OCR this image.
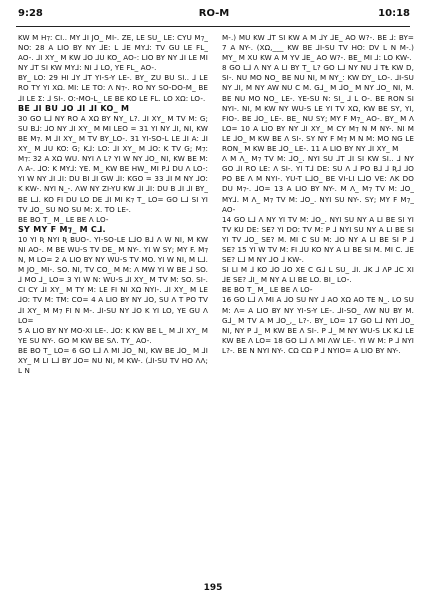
9:28	RO-M	10:18

KW M H⁊: CI.. MY ⅃I JO_ MI-. ZE, LE SU_ LE: CYU M⁊_ NO: 28 A LIO BY NY ⅃E: L ⅃E MY⅃: TV GU LE FL_ AO-. ⅃I XY_ M KW ⅃O ⅃U KO_ AO-: LIO BY NY ⅃I LE MI NY ⅃T SI KW MY⅃: NI ⅃ LO, YE FL_ AO-.

BY_ LO: 29 HI ⅃Y ⅃T YI-S-Y LE-. BY_ ZU BU SI.. ⅃ LE RO TY YI XΩ. MI: LE TO: Λ N⁊-. RO NY SO-DO-M_ BE ⅃I LE Σ: ⅃ SI-. O:-MO-L_ LE BE KO LE FL. LO XΩ: LO-.

BE ⅃I BU ⅃O ⅃I ⅃I KO_ M

30 GO L⅃ NY RO A XΩ BY NY_ L?. ⅃I XY_ M TV M: G; SU B⅃: ⅃O NY ⅃I XY_ M MI LEO = 31 YI NY ⅃I, NI, KW BE M⁊. M ⅃I XY_ M TV BY_LO-. 31 YI-SO-L LE ⅃I A: ⅃I XY_ M ⅃U KO: G; K⅃: LO: ⅃I XY_ M ⅃O: K TV G; M⁊: M⁊: 32 A XΩ WU. NYI Λ L? YI W NY ⅃O_ NI, KW BE M: Λ A-. ⅃O: K MY⅃: YE. M_ KW BE HW_ MI P⅃ DU Λ LO-: YI W NY ⅃I ⅃I: DU BI ⅃I GW ⅃I: KGO = 33 ⅃I M NY ⅃O: K KW-. NYI N_-. ΛW NY ZI-YU KW ⅃I ⅃I: DU B ⅃I ⅃I BY_ BE L⅃. KO FI DU LO DE ⅃I MI K⁊ T_ LO= GO L⅃ SI YI TV ⅃O_ SU NO SU M: X. TO LE-.

BE BO T_ M_ LE BE Λ LO-

SY MY F M⁊_ M C⅃.

10 YI Ʀ NYI Ʀ BUO-. YI-SO-LE L⅃O B⅃ Λ W NI, M KW NI AO-. M BE WU-S TV DE_ M NY-. YI W SY; MY F. M⁊ N, M LO= 2 A LIO BY NY WU-S TV MO. YI W NI, M L⅃. M JO_ MI-. SO. NI, TV CO_ M M: Λ MW YI W BE ⅃ SO. ⅃ MO ⅃_ LO= 3 YI W N: WU-S ⅃I XY_ M TV M: SO. SI-. CI CY ⅃I XY_ M TY M: LE FI NI XΩ NYI-. ⅃I XY_ M LE ⅃O: TV M: TM: CO= 4 A LIO BY NY ⅃O, SU Λ T PO TV ⅃I XY_ M M⁊ FI N M-. ⅃I-SU NY ⅃O K YI LO, YE GU Λ LO=

5 A LIO BY NY MO-XI LE-. ⅃O: K KW BE L_ M ⅃I XY_ M YE SU NY-. GO M KW BE SΛ. TY_ AO-.

BE BO T_ LO= 6 GO L⅃ Λ MI ⅃O_ NI, KW BE ⅃O_ M ⅃I XY_ M LI L⅃ BY ⅃O= NU NI, M KW-. (⅃I-SU TV HO ΛΛ; L N

M-.) MU KW ⅃T SI KW A M ⅃Y ⅃E_ AO W?-. BE ⅃: BY= 7 A NY-. (XΩ,___ KW BE ⅃I-SU TV HO: DV L N M-.) MY_ M XU KW A M YV ⅃E_ AO W?-. BE_ MI ⅃: LO KW-.

8 GO L⅃ Λ NY A LI BY T_ L? GO L⅃ NY NU ⅃ TⱠ KW D, SI-. NU MO NO_ BE NU NI, M NY_: KW DY_ LO-. ⅃I-SU NY ⅃I, M NY AW NU C M. G⅃_ M ⅃O_ M NY ⅃O_ NI, M. BE NU MO NO_ LE-. YE-SU N: SI_ ⅃ L O-. BE RON SI NYI-. NI, M KW NY WU-S LE YI TV XΩ, KW BE SY, YI, FIO-. BE ⅃O_ LE-. BE_ NU SY; MY F M⁊_ AO-. BY_ M Λ LO= 10 A LIO BY NY ⅃I XY_ M CY M⁊ N M NY-. NI M LE ⅃O_ M KW BE Λ SI-. SY NY F M⁊ M N M: MO NG LE RON_ M KW BE ⅃O_ LE-. 11 A LIO BY NY ⅃I XY_ M

Λ M Λ_ M⁊ TV M: ⅃O_. NYI SU ⅃T ⅃I SI KW SI.. ⅃ NY GO ⅃I RO LE: Λ SI-. YI T⅃ DE: SU Λ ⅃ PO B⅃ ⅃ Ʀ⅃ ⅃O PO BE Λ M NYI-. YU-T L⅃O_ BE VI-LI L⅃O VE: ΛK DO DU M⁊-. ⅃O= 13 A LIO BY NY-. M Λ_ M⁊ TV M: ⅃O_ MY⅃. M Λ_ M⁊ TV M: ⅃O_. NYI SU NY-. SY; MY F M⁊_ AO-

14 GO L⅃ Λ NY YI TV M: ⅃O_. NYI SU NY A LI BE SI YI TV KU DE: SE? YI DO: TV M: P ⅃ NYI SU NY A LI BE SI YI TV ⅃O_ SE? M. MI C SU M: ⅃O NY A LI BE SI P ⅃ SE? 15 YI W TV M: FI ⅃U KO NY A LI BE SI M. MI C. ⅃E SE? L⅃ M NY ⅃O ⅃ KW-.

SI LI M ⅃ KO ⅃O ⅃O XE C G⅃ L SU_ ⅃I. ⅃K ⅃ ΛP ⅃C XI ⅃E SE? ⅃I_ M NY A LI BE LO. BI_ LO-.

BE BO T_ M_ LE BE Λ LO-

16 GO L⅃ Λ MI A ⅃O SU NY ⅃ AO XΩ AO TE N_. LO SU M: Λ= A LIO BY NY YI-S-Y LE-. ⅃I-SO_ ΛW NU BY M. G⅃_ M TV A M ⅃O_,_ L?-. BY_ LO= 17 GO L⅃ NYI ⅃O_ NI, NY P ⅃_ M KW BE Λ SI-. P ⅃_ M NY WU-S LK K⅃ LE KW BE Λ LO= 18 GO L⅃ Λ MI ΛW LE-. YI W M: P ⅃ NYI L?-. BE N NYI NY-. CΩ CΩ P ⅃ NYIO= A LIO BY NY-.

195
